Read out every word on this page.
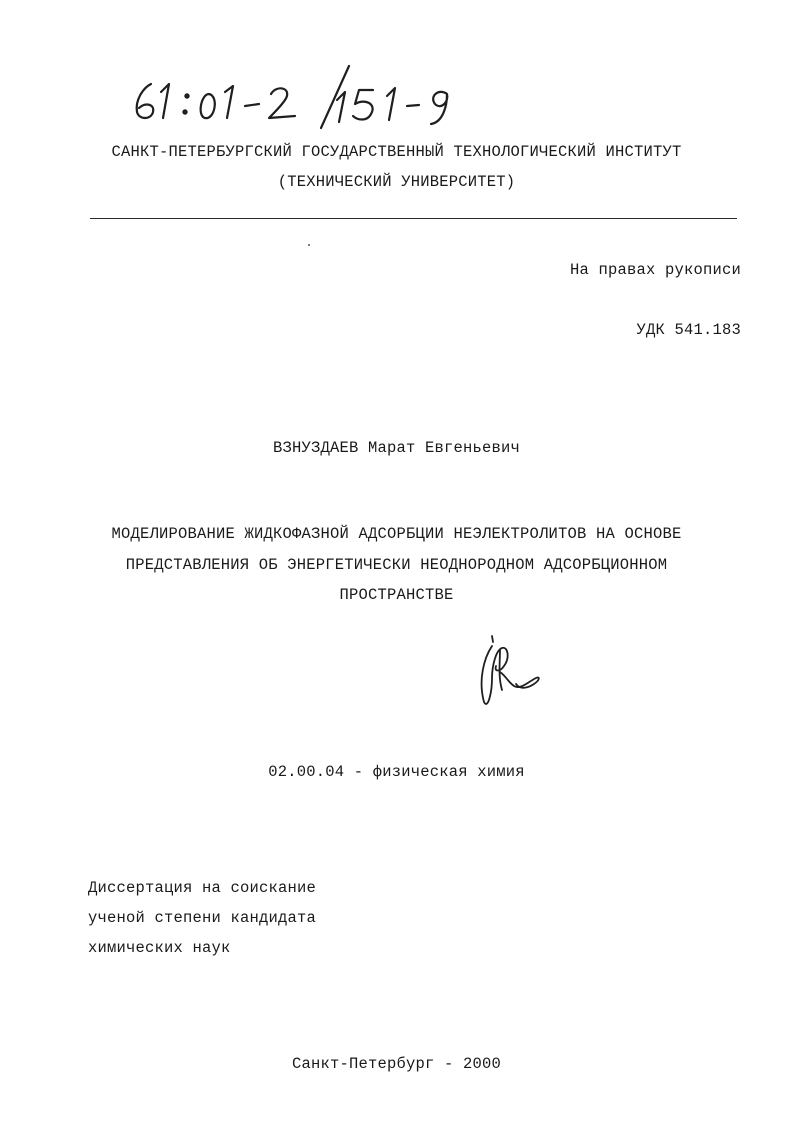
САНКТ-ПЕТЕРБУРГСКИЙ ГОСУДАРСТВЕННЫЙ ТЕХНОЛОГИЧЕСКИЙ ИНСТИТУТ
(ТЕХНИЧЕСКИЙ УНИВЕРСИТЕТ)
На правах рукописи
УДК 541.183
ВЗНУЗДАЕВ Марат Евгеньевич
МОДЕЛИРОВАНИЕ ЖИДКОФАЗНОЙ АДСОРБЦИИ НЕЭЛЕКТРОЛИТОВ НА ОСНОВЕ
ПРЕДСТАВЛЕНИЯ ОБ ЭНЕРГЕТИЧЕСКИ НЕОДНОРОДНОМ АДСОРБЦИОННОМ
ПРОСТРАНСТВЕ
02.00.04 - физическая химия
Диссертация на соискание
ученой степени кандидата
химических наук
Санкт-Петербург - 2000
